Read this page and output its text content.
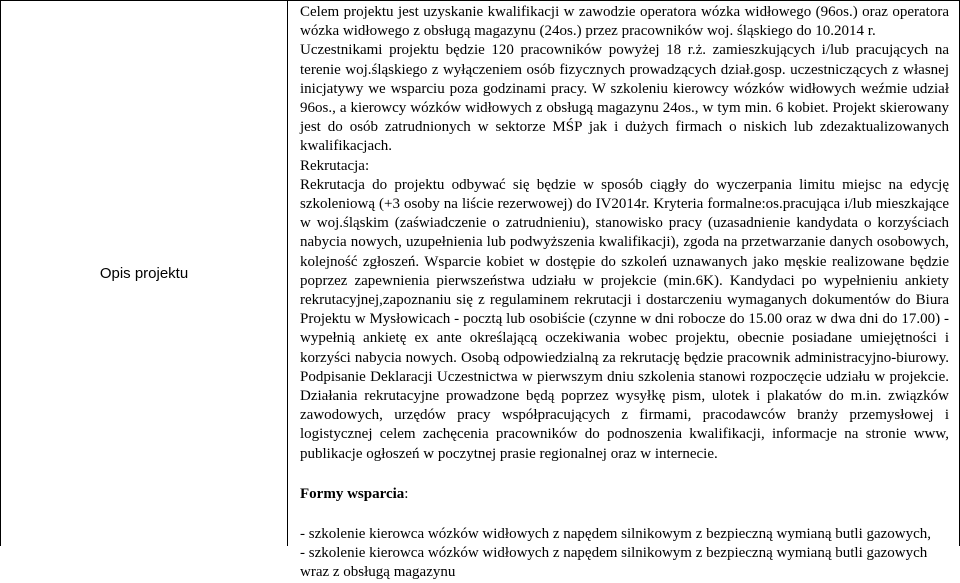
Opis projektu

Celem projektu jest uzyskanie kwalifikacji w zawodzie operatora wózka widłowego (96os.) oraz operatora wózka widłowego z obsługą magazynu (24os.) przez pracowników woj. śląskiego do 10.2014 r.

Uczestnikami projektu będzie 120 pracowników powyżej 18 r.ż. zamieszkujących i/lub pracujących na terenie woj.śląskiego z wyłączeniem osób fizycznych prowadzących dział.gosp. uczestniczących z własnej inicjatywy we wsparciu poza godzinami pracy. W szkoleniu kierowcy wózków widłowych weźmie udział 96os., a kierowcy wózków widłowych z obsługą magazynu 24os., w tym min. 6 kobiet. Projekt skierowany jest do osób zatrudnionych w sektorze MŚP jak i dużych firmach o niskich lub zdezaktualizowanych kwalifikacjach.

Rekrutacja:

Rekrutacja do projektu odbywać się będzie w sposób ciągły do wyczerpania limitu miejsc na edycję szkoleniową (+3 osoby na liście rezerwowej) do IV2014r. Kryteria formalne:os.pracująca i/lub mieszkające w woj.śląskim (zaświadczenie o zatrudnieniu), stanowisko pracy (uzasadnienie kandydata o korzyściach nabycia nowych, uzupełnienia lub podwyższenia kwalifikacji), zgoda na przetwarzanie danych osobowych, kolejność zgłoszeń. Wsparcie kobiet w dostępie do szkoleń uznawanych jako męskie realizowane będzie poprzez zapewnienia pierwszeństwa udziału w projekcie (min.6K). Kandydaci po wypełnieniu ankiety rekrutacyjnej,zapoznaniu się z regulaminem rekrutacji i dostarczeniu wymaganych dokumentów do Biura Projektu w Mysłowicach - pocztą lub osobiście (czynne w dni robocze do 15.00 oraz w dwa dni do 17.00) - wypełnią ankietę ex ante określającą oczekiwania wobec projektu, obecnie posiadane umiejętności i korzyści nabycia nowych. Osobą odpowiedzialną za rekrutację będzie pracownik administracyjno-biurowy. Podpisanie Deklaracji Uczestnictwa w pierwszym dniu szkolenia stanowi rozpoczęcie udziału w projekcie. Działania rekrutacyjne prowadzone będą poprzez wysyłkę pism, ulotek i plakatów do m.in. związków zawodowych, urzędów pracy współpracujących z firmami, pracodawców branży przemysłowej i logistycznej celem zachęcenia pracowników do podnoszenia kwalifikacji, informacje na stronie www, publikacje ogłoszeń w poczytnej prasie regionalnej oraz w internecie.

Formy wsparcia:

- szkolenie kierowca wózków widłowych z napędem silnikowym z bezpieczną wymianą butli gazowych,

- szkolenie kierowca wózków widłowych z napędem silnikowym z bezpieczną wymianą butli gazowych wraz z obsługą magazynu
